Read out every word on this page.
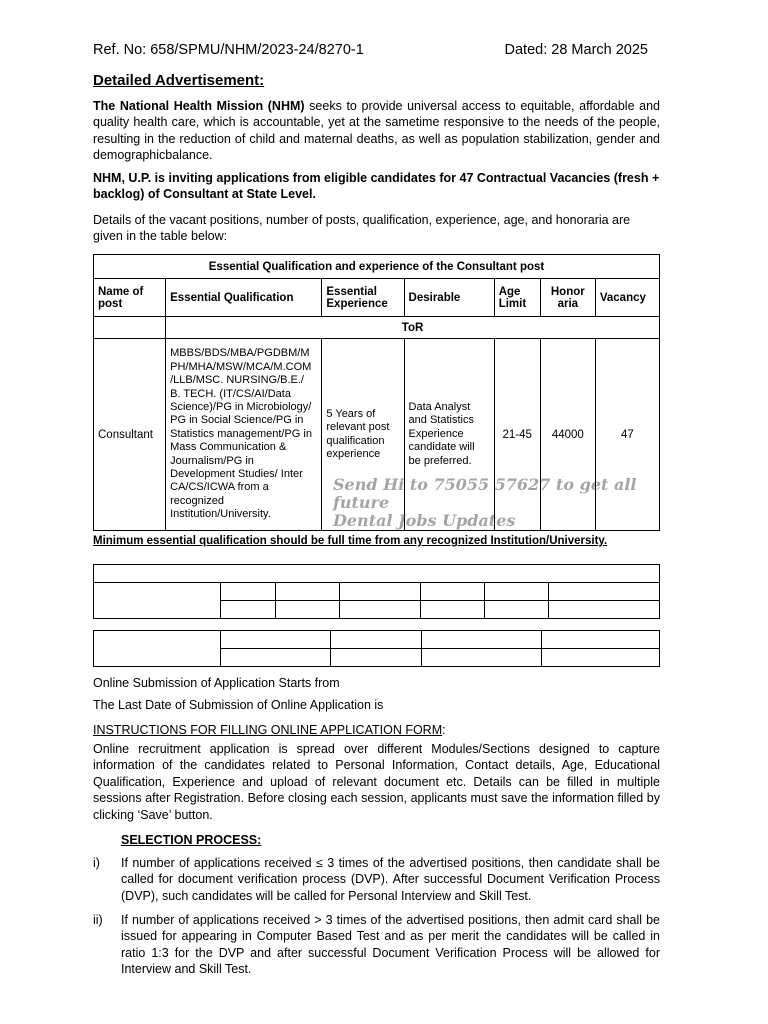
Ref. No: 658/SPMU/NHM/2023-24/8270-1	Dated: 28 March 2025
Detailed Advertisement:
The National Health Mission (NHM) seeks to provide universal access to equitable, affordable and quality health care, which is accountable, yet at the sametime responsive to the needs of the people, resulting in the reduction of child and maternal deaths, as well as population stabilization, gender and demographicbalance.
NHM, U.P. is inviting applications from eligible candidates for 47 Contractual Vacancies (fresh + backlog) of Consultant at State Level.
Details of the vacant positions, number of posts, qualification, experience, age, and honoraria are given in the table below:
Essential Qualification and experience of the Consultant post						
Name of post	Essential Qualification	Essential Experience	Desirable	Age Limit	Honor aria	Vacancy
	ToR					
Consultant	MBBS/BDS/MBA/PGDBM/M PH/MHA/MSW/MCA/M.COM /LLB/MSC. NURSING/B.E./ B. TECH. (IT/CS/AI/Data Science)/PG in Microbiology/ PG in Social Science/PG in Statistics management/PG in Mass Communication & Journalism/PG in Development Studies/ Inter CA/CS/ICWA from a recognized Institution/University.	5 Years of relevant post qualification experience	Data Analyst and Statistics Experience candidate will be preferred.	21-45	44000	47
Send Hi to 75055 57627 to get all future
Dental Jobs Updates
Minimum essential qualification should be full time from any recognized Institution/University.

Online Submission of Application Starts from
The Last Date of Submission of Online Application is
INSTRUCTIONS FOR FILLING ONLINE APPLICATION FORM:
Online recruitment application is spread over different Modules/Sections designed to capture information of the candidates related to Personal Information, Contact details, Age, Educational Qualification, Experience and upload of relevant document etc. Details can be filled in multiple sessions after Registration. Before closing each session, applicants must save the information filled by clicking ‘Save’ button.
SELECTION PROCESS:
i) If number of applications received ≤ 3 times of the advertised positions, then candidate shall be called for document verification process (DVP). After successful Document Verification Process (DVP), such candidates will be called for Personal Interview and Skill Test.
ii) If number of applications received > 3 times of the advertised positions, then admit card shall be issued for appearing in Computer Based Test and as per merit the candidates will be called in ratio 1:3 for the DVP and after successful Document Verification Process will be allowed for Interview and Skill Test.
